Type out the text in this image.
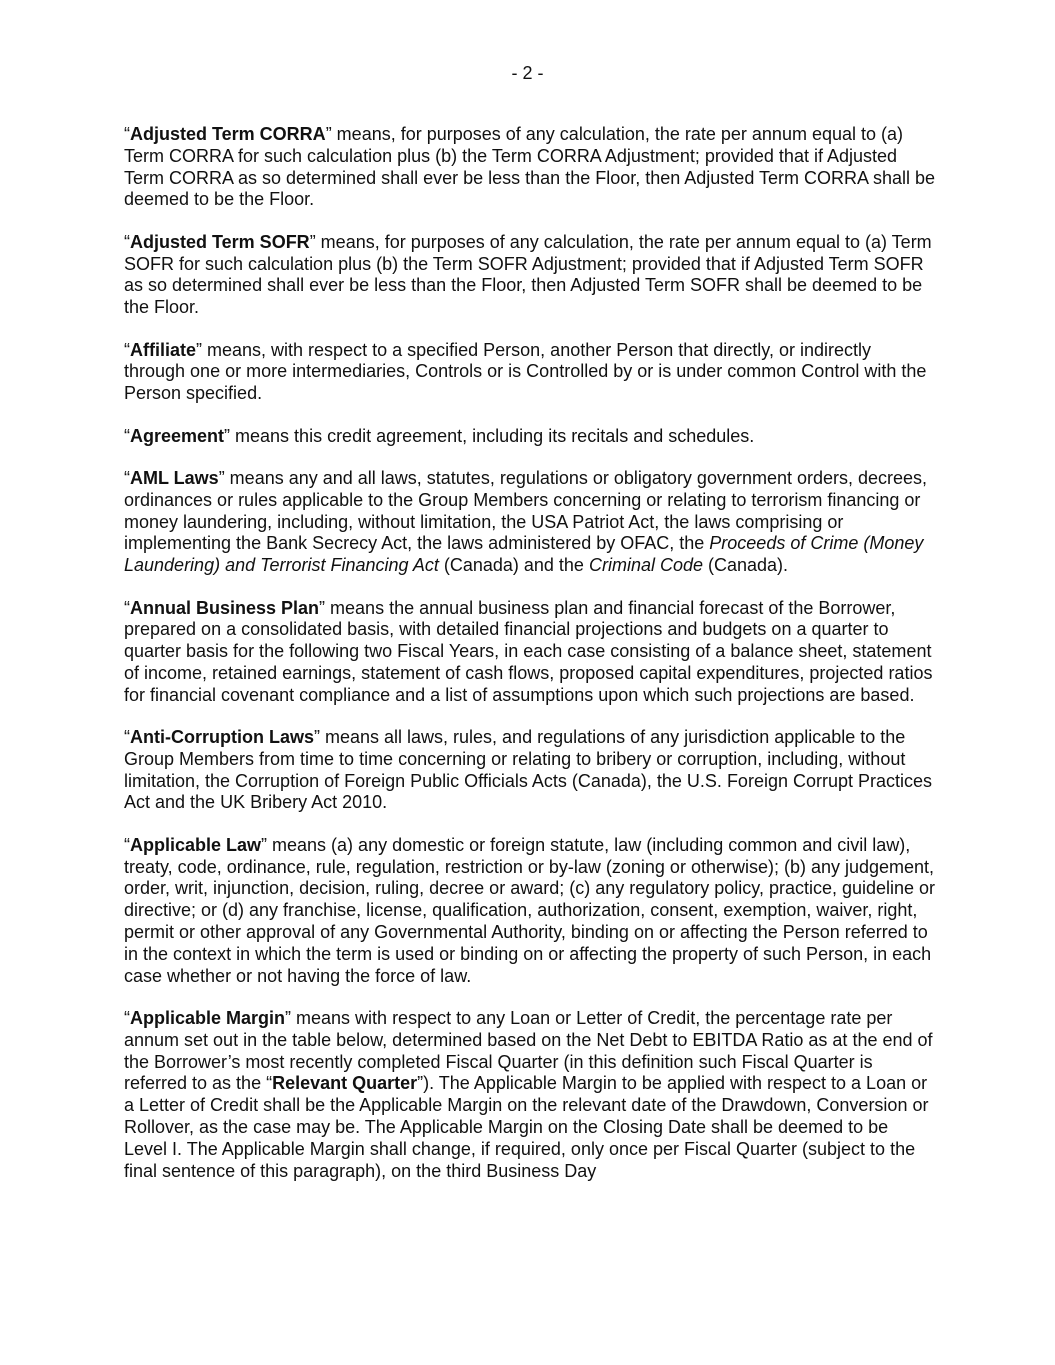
- 2 -

“Adjusted Term CORRA” means, for purposes of any calculation, the rate per annum equal to (a) Term CORRA for such calculation plus (b) the Term CORRA Adjustment; provided that if Adjusted Term CORRA as so determined shall ever be less than the Floor, then Adjusted Term CORRA shall be deemed to be the Floor.

“Adjusted Term SOFR” means, for purposes of any calculation, the rate per annum equal to (a) Term SOFR for such calculation plus (b) the Term SOFR Adjustment; provided that if Adjusted Term SOFR as so determined shall ever be less than the Floor, then Adjusted Term SOFR shall be deemed to be the Floor.

“Affiliate” means, with respect to a specified Person, another Person that directly, or indirectly through one or more intermediaries, Controls or is Controlled by or is under common Control with the Person specified.

“Agreement” means this credit agreement, including its recitals and schedules.

“AML Laws” means any and all laws, statutes, regulations or obligatory government orders, decrees, ordinances or rules applicable to the Group Members concerning or relating to terrorism financing or money laundering, including, without limitation, the USA Patriot Act, the laws comprising or implementing the Bank Secrecy Act, the laws administered by OFAC, the Proceeds of Crime (Money Laundering) and Terrorist Financing Act (Canada) and the Criminal Code (Canada).

“Annual Business Plan” means the annual business plan and financial forecast of the Borrower, prepared on a consolidated basis, with detailed financial projections and budgets on a quarter to quarter basis for the following two Fiscal Years, in each case consisting of a balance sheet, statement of income, retained earnings, statement of cash flows, proposed capital expenditures, projected ratios for financial covenant compliance and a list of assumptions upon which such projections are based.

“Anti-Corruption Laws” means all laws, rules, and regulations of any jurisdiction applicable to the Group Members from time to time concerning or relating to bribery or corruption, including, without limitation, the Corruption of Foreign Public Officials Acts (Canada), the U.S. Foreign Corrupt Practices Act and the UK Bribery Act 2010.

“Applicable Law” means (a) any domestic or foreign statute, law (including common and civil law), treaty, code, ordinance, rule, regulation, restriction or by-law (zoning or otherwise); (b) any judgement, order, writ, injunction, decision, ruling, decree or award; (c) any regulatory policy, practice, guideline or directive; or (d) any franchise, license, qualification, authorization, consent, exemption, waiver, right, permit or other approval of any Governmental Authority, binding on or affecting the Person referred to in the context in which the term is used or binding on or affecting the property of such Person, in each case whether or not having the force of law.

“Applicable Margin” means with respect to any Loan or Letter of Credit, the percentage rate per annum set out in the table below, determined based on the Net Debt to EBITDA Ratio as at the end of the Borrower’s most recently completed Fiscal Quarter (in this definition such Fiscal Quarter is referred to as the “Relevant Quarter”). The Applicable Margin to be applied with respect to a Loan or a Letter of Credit shall be the Applicable Margin on the relevant date of the Drawdown, Conversion or Rollover, as the case may be. The Applicable Margin on the Closing Date shall be deemed to be Level I. The Applicable Margin shall change, if required, only once per Fiscal Quarter (subject to the final sentence of this paragraph), on the third Business Day
